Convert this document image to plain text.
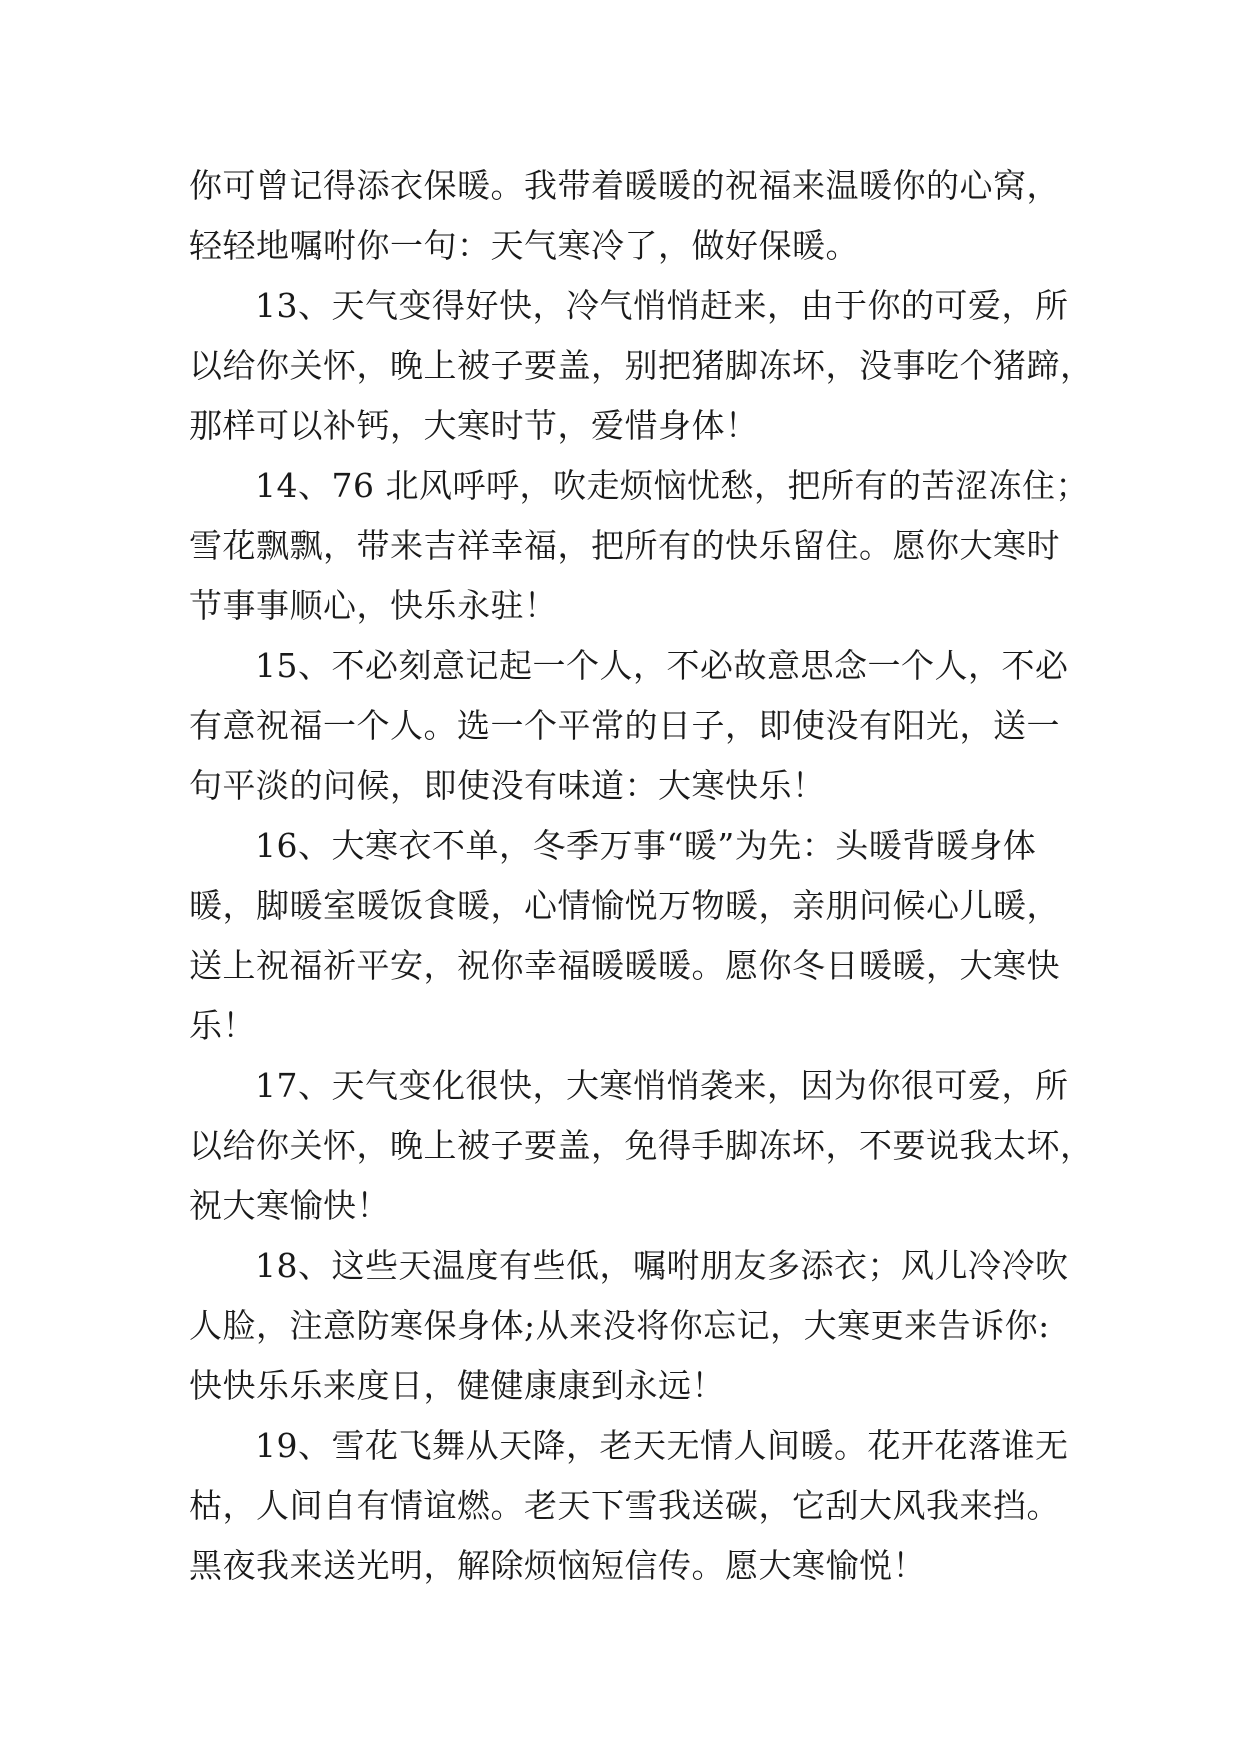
你可曾记得添衣保暖。我带着暖暖的祝福来温暖你的心窝，
轻轻地嘱咐你一句：天气寒冷了，做好保暖。
13、天气变得好快，冷气悄悄赶来，由于你的可爱，所
以给你关怀，晚上被子要盖，别把猪脚冻坏，没事吃个猪蹄，
那样可以补钙，大寒时节，爱惜身体！
14、76 北风呼呼，吹走烦恼忧愁，把所有的苦涩冻住；
雪花飘飘，带来吉祥幸福，把所有的快乐留住。愿你大寒时
节事事顺心，快乐永驻！
15、不必刻意记起一个人，不必故意思念一个人，不必
有意祝福一个人。选一个平常的日子，即使没有阳光，送一
句平淡的问候，即使没有味道：大寒快乐！
16、大寒衣不单，冬季万事“暖”为先：头暖背暖身体
暖，脚暖室暖饭食暖，心情愉悦万物暖，亲朋问候心儿暖，
送上祝福祈平安，祝你幸福暖暖暖。愿你冬日暖暖，大寒快
乐！
17、天气变化很快，大寒悄悄袭来，因为你很可爱，所
以给你关怀，晚上被子要盖，免得手脚冻坏，不要说我太坏，
祝大寒愉快！
18、这些天温度有些低，嘱咐朋友多添衣；风儿冷冷吹
人脸，注意防寒保身体;从来没将你忘记，大寒更来告诉你:
快快乐乐来度日，健健康康到永远！
19、雪花飞舞从天降，老天无情人间暖。花开花落谁无
枯，人间自有情谊燃。老天下雪我送碳，它刮大风我来挡。
黑夜我来送光明，解除烦恼短信传。愿大寒愉悦！
